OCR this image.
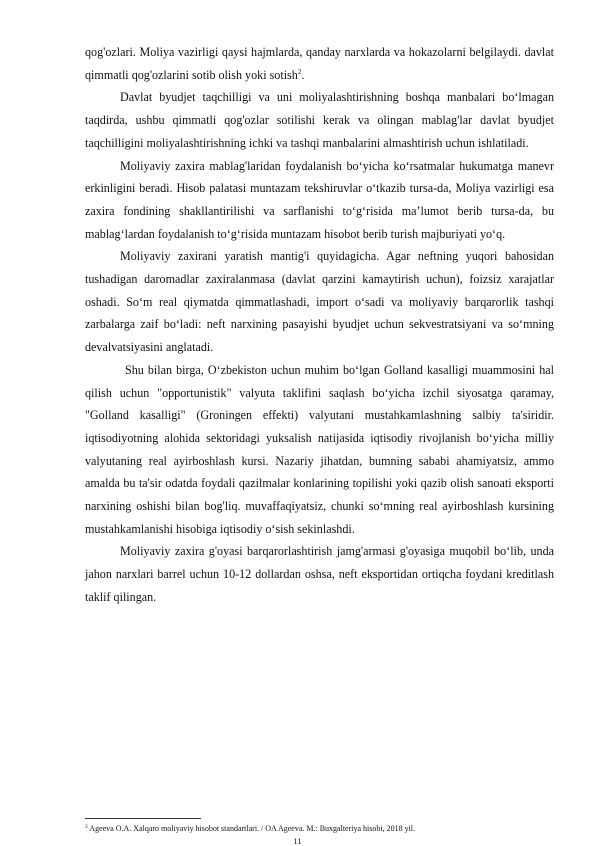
qog'ozlari. Moliya vazirligi qaysi hajmlarda, qanday narxlarda va hokazolarni belgilaydi. davlat qimmatli qog'ozlarini sotib olish yoki sotish$^2$.

Davlat byudjet taqchilligi va uni moliyalashtirishning boshqa manbalari bo‘lmagan taqdirda, ushbu qimmatli qog'ozlar sotilishi kerak va olingan mablag'lar davlat byudjet taqchilligini moliyalashtirishning ichki va tashqi manbalarini almashtirish uchun ishlatiladi.

Moliyaviy zaxira mablag'laridan foydalanish bo‘yicha ko‘rsatmalar hukumatga manevr erkinligini beradi. Hisob palatasi muntazam tekshiruvlar o‘tkazib tursa-da, Moliya vazirligi esa zaxira fondining shakllantirilishi va sarflanishi to‘g‘risida ma’lumot berib tursa-da, bu mablag‘lardan foydalanish to‘g‘risida muntazam hisobot berib turish majburiyati yo‘q.

Moliyaviy zaxirani yaratish mantig'i quyidagicha. Agar neftning yuqori bahosidan tushadigan daromadlar zaxiralanmasa (davlat qarzini kamaytirish uchun), foizsiz xarajatlar oshadi. So‘m real qiymatda qimmatlashadi, import o‘sadi va moliyaviy barqarorlik tashqi zarbalarga zaif bo‘ladi: neft narxining pasayishi byudjet uchun sekvestratsiyani va so‘mning devalvatsiyasini anglatadi.

Shu bilan birga, O‘zbekiston uchun muhim bo‘lgan Golland kasalligi muammosini hal qilish uchun "opportunistik" valyuta taklifini saqlash bo‘yicha izchil siyosatga qaramay, "Golland kasalligi" (Groningen effekti) valyutani mustahkamlashning salbiy ta'siridir. iqtisodiyotning alohida sektoridagi yuksalish natijasida iqtisodiy rivojlanish bo‘yicha milliy valyutaning real ayirboshlash kursi. Nazariy jihatdan, bumning sababi ahamiyatsiz, ammo amalda bu ta'sir odatda foydali qazilmalar konlarining topilishi yoki qazib olish sanoati eksporti narxining oshishi bilan bog'liq. muvaffaqiyatsiz, chunki so‘mning real ayirboshlash kursining mustahkamlanishi hisobiga iqtisodiy o‘sish sekinlashdi.

Moliyaviy zaxira g'oyasi barqarorlashtirish jamg'armasi g'oyasiga muqobil bo‘lib, unda jahon narxlari barrel uchun 10-12 dollardan oshsa, neft eksportidan ortiqcha foydani kreditlash taklif qilingan.

$^2$ Ageeva O.A. Xalqaro moliyaviy hisobot standartlari. / OA Ageeva. M.: Buxgalteriya hisobi, 2018 yil.
11
